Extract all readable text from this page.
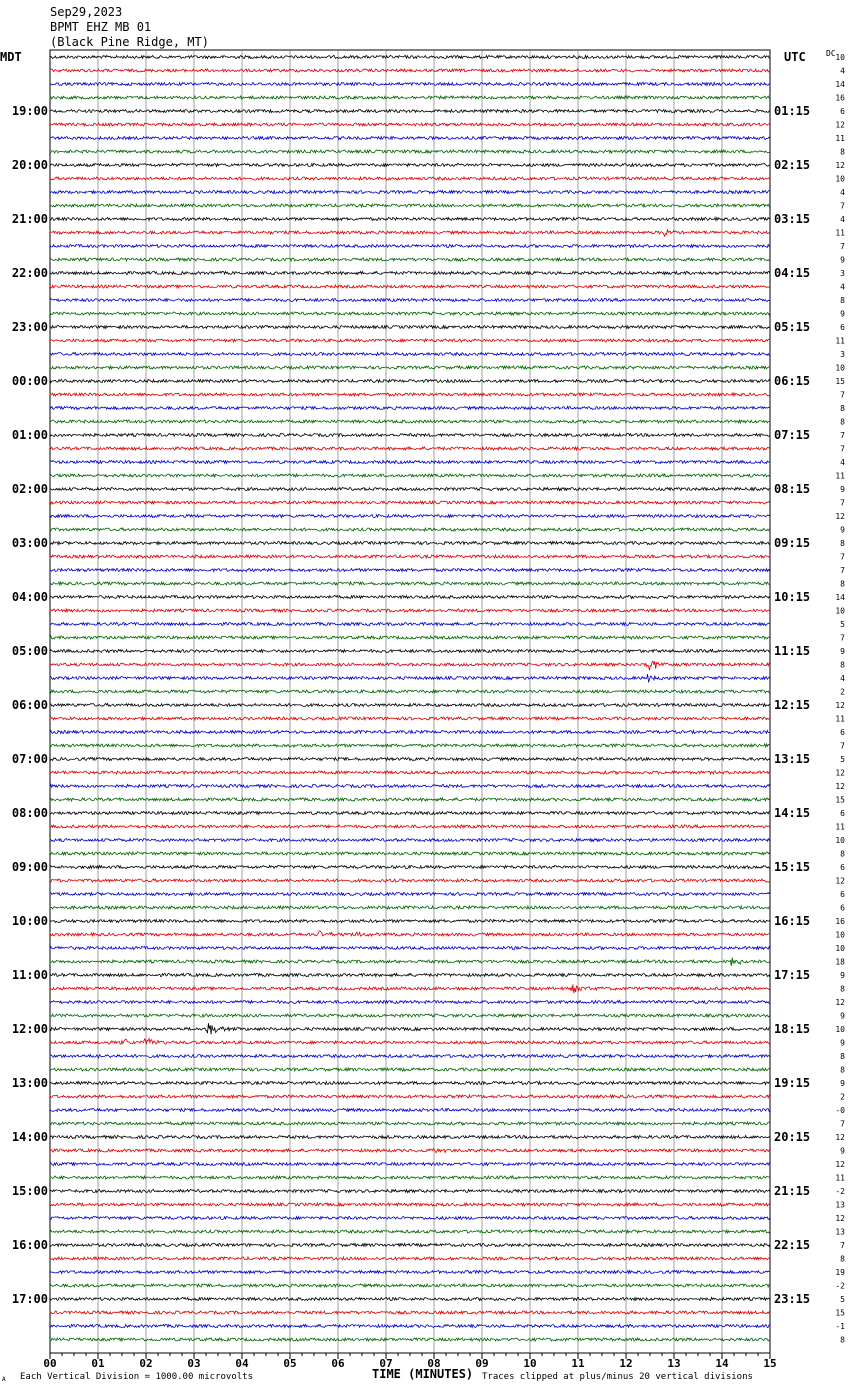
Sep29,2023
BPMT EHZ MB 01
(Black Pine Ridge, MT)
MDT	UTC	DC
00	01	02	03	04	05	06	07	08	09	10	11	12	13	14	15
19:00
20:00
21:00
22:00
23:00
00:00
01:00
02:00
03:00
04:00
05:00
06:00
07:00
08:00
09:00
10:00
11:00
12:00
13:00
14:00
15:00
16:00
17:00
01:15
02:15
03:15
04:15
05:15
06:15
07:15
08:15
09:15
10:15
11:15
12:15
13:15
14:15
15:15
16:15
17:15
18:15
19:15
20:15
21:15
22:15
23:15
10
4
14
16
6
12
11
8
12
10
4
7
4
11
7
9
3
4
8
9
6
11
3
10
15
7
8
8
7
7
4
11
9
7
12
9
8
7
7
8
14
10
5
7
9
8
4
2
12
11
6
7
5
12
12
15
6
11
10
8
6
12
6
6
16
10
10
18
9
8
12
9
10
9
8
8
9
2
-0
7
12
9
12
11
-2
13
12
13
7
8
19
-2
5
15
-1
8
TIME (MINUTES)
A Each Vertical Division = 1000.00 microvolts	Traces clipped at plus/minus 20 vertical divisions
